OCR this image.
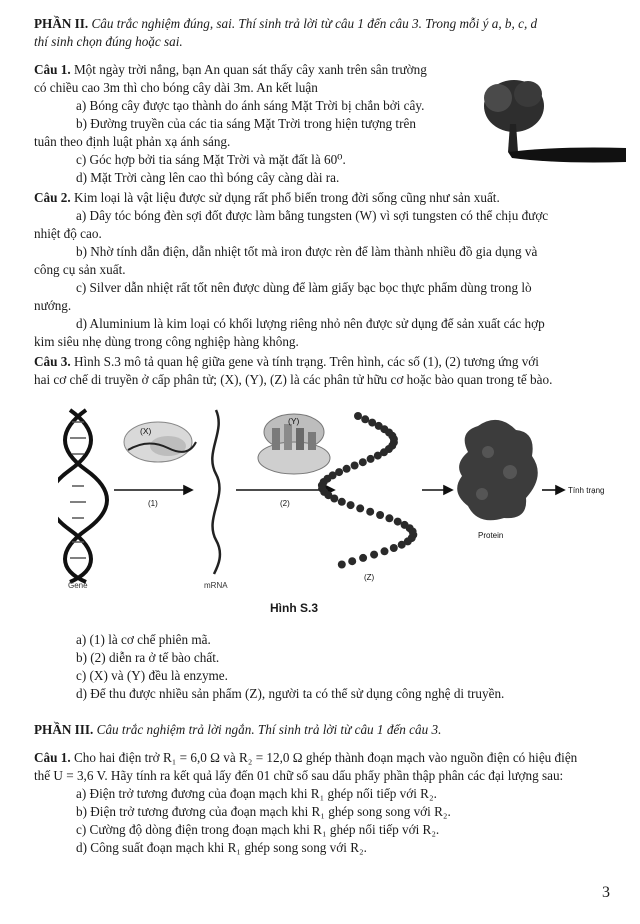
PHẦN II. Câu trắc nghiệm đúng, sai. Thí sinh trả lời từ câu 1 đến câu 3. Trong mỗi ý a, b, c, d
thí sinh chọn đúng hoặc sai.
Câu 1. Một ngày trời nắng, bạn An quan sát thấy cây xanh trên sân trường
có chiều cao 3m thì cho bóng cây dài 3m. An kết luận
a) Bóng cây được tạo thành do ánh sáng Mặt Trời bị chắn bởi cây.
b) Đường truyền của các tia sáng Mặt Trời trong hiện tượng trên
tuân theo định luật phản xạ ánh sáng.
c) Góc hợp bởi tia sáng Mặt Trời và mặt đất là 60⁰.
d) Mặt Trời càng lên cao thì bóng cây càng dài ra.
Câu 2. Kim loại là vật liệu được sử dụng rất phổ biến trong đời sống cũng như sản xuất.
a) Dây tóc bóng đèn sợi đốt được làm bằng tungsten (W) vì sợi tungsten có thể chịu được
nhiệt độ cao.
b) Nhờ tính dẫn điện, dẫn nhiệt tốt mà iron được rèn để làm thành nhiều đồ gia dụng và
công cụ sản xuất.
c) Silver dẫn nhiệt rất tốt nên được dùng để làm giấy bạc bọc thực phẩm dùng trong lò
nướng.
d) Aluminium là kim loại có khối lượng riêng nhỏ nên được sử dụng để sản xuất các hợp
kim siêu nhẹ dùng trong công nghiệp hàng không.
Câu 3. Hình S.3 mô tả quan hệ giữa gene và tính trạng. Trên hình, các số (1), (2) tương ứng với
hai cơ chế di truyền ở cấp phân tử; (X), (Y), (Z) là các phân tử hữu cơ hoặc bào quan trong tế bào.
Gene
(X)
(1)
mRNA
(Y)
(2)
(Z)
Protein
Tính trạng
Hình S.3
a) (1) là cơ chế phiên mã.
b) (2) diễn ra ở tế bào chất.
c) (X) và (Y) đều là enzyme.
d) Để thu được nhiều sản phẩm (Z), người ta có thể sử dụng công nghệ di truyền.
PHẦN III. Câu trắc nghiệm trả lời ngắn. Thí sinh trả lời từ câu 1 đến câu 3.
Câu 1. Cho hai điện trở R₁ = 6,0 Ω và R₂ = 12,0 Ω ghép thành đoạn mạch vào nguồn điện có hiệu điện
thế U = 3,6 V. Hãy tính ra kết quả lấy đến 01 chữ số sau dấu phẩy phần thập phân các đại lượng sau:
a) Điện trở tương đương của đoạn mạch khi R₁ ghép nối tiếp với R₂.
b) Điện trở tương đương của đoạn mạch khi R₁ ghép song song với R₂.
c) Cường độ dòng điện trong đoạn mạch khi R₁ ghép nối tiếp với R₂.
d) Công suất đoạn mạch khi R₁ ghép song song với R₂.
3
